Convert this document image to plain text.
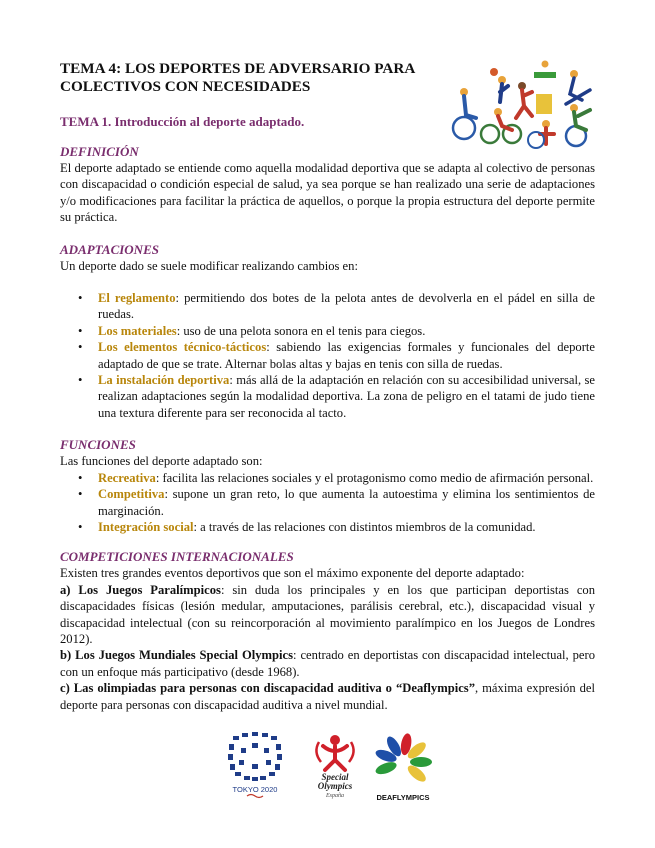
TEMA 4: LOS DEPORTES DE ADVERSARIO PARA COLECTIVOS CON NECESIDADES
TEMA 1. Introducción al deporte adaptado.
DEFINICIÓN

El deporte adaptado se entiende como aquella modalidad deportiva que se adapta al colectivo de personas con discapacidad o condición especial de salud, ya sea porque se han realizado una serie de adaptaciones y/o modificaciones para facilitar la práctica de aquellos, o porque la propia estructura del deporte permite su práctica.

ADAPTACIONES

Un deporte dado se suele modificar realizando cambios en:

• El reglamento: permitiendo dos botes de la pelota antes de devolverla en el pádel en silla de ruedas.
• Los materiales: uso de una pelota sonora en el tenis para ciegos.
• Los elementos técnico-tácticos: sabiendo las exigencias formales y funcionales del deporte adaptado de que se trate. Alternar bolas altas y bajas en tenis con silla de ruedas.
• La instalación deportiva: más allá de la adaptación en relación con su accesibilidad universal, se realizan adaptaciones según la modalidad deportiva. La zona de peligro en el tatami de judo tiene una textura diferente para ser reconocida al tacto.
FUNCIONES

Las funciones del deporte adaptado son:

• Recreativa: facilita las relaciones sociales y el protagonismo como medio de afirmación personal.
• Competitiva: supone un gran reto, lo que aumenta la autoestima y elimina los sentimientos de marginación.
• Integración social: a través de las relaciones con distintos miembros de la comunidad.
COMPETICIONES INTERNACIONALES

Existen tres grandes eventos deportivos que son el máximo exponente del deporte adaptado:

a) Los Juegos Paralímpicos: sin duda los principales y en los que participan deportistas con discapacidades físicas (lesión medular, amputaciones, parálisis cerebral, etc.), discapacidad visual y discapacidad intelectual (con su reincorporación al movimiento paralímpico en los Juegos de Londres 2012).

b) Los Juegos Mundiales Special Olympics: centrado en deportistas con discapacidad intelectual, pero con un enfoque más participativo (desde 1968).

c) Las olimpiadas para personas con discapacidad auditiva o “Deaflympics”, máxima expresión del deporte para personas con discapacidad auditiva a nivel mundial.

TOKYO 2020
Special
Olympics
España	DEAFLYMPICS
